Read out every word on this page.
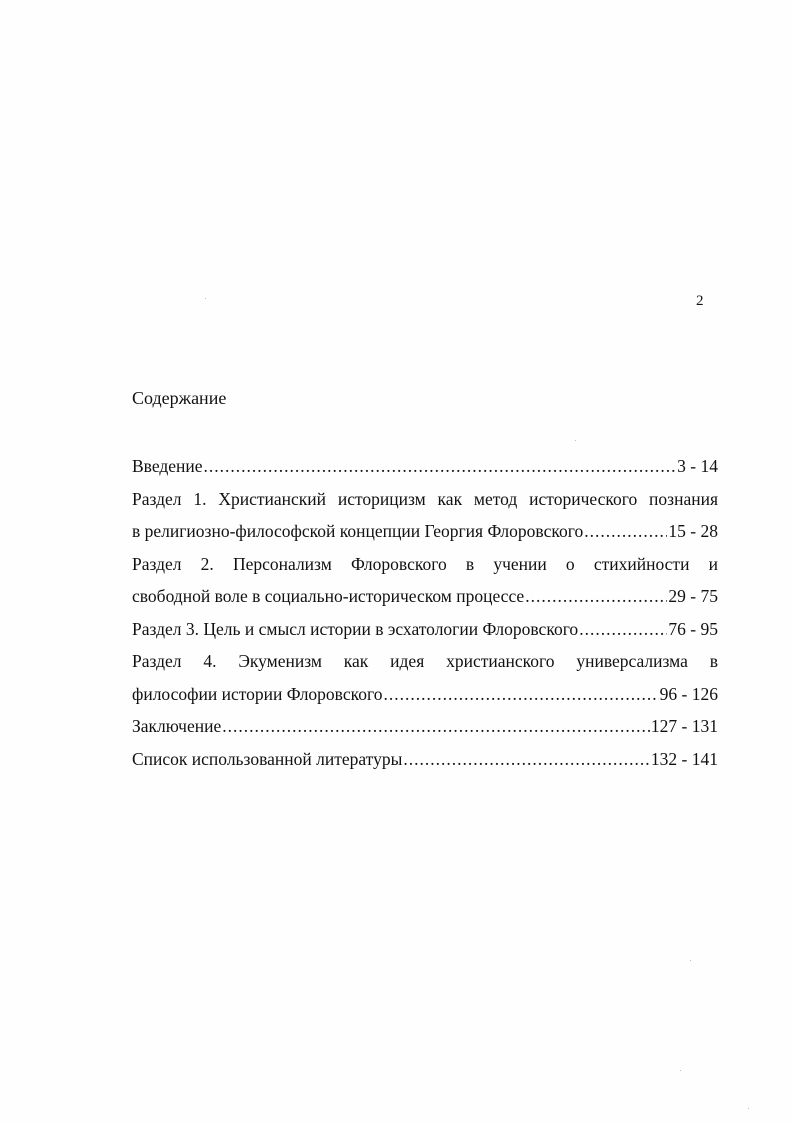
2
Содержание
Введение .....	3 - 14
Раздел 1. Христианский историцизм как метод исторического познания
в религиозно-философской концепции Георгия Флоровского .....	15 - 28
Раздел 2. Персонализм Флоровского в учении о стихийности и
свободной воле в социально-историческом процессе .....	29 - 75
Раздел 3. Цель и смысл истории в эсхатологии Флоровского .....	76 - 95
Раздел 4. Экуменизм как идея христианского универсализма в
философии истории Флоровского .....	96 - 126
Заключение .....	127 - 131
Список использованной литературы .....	132 - 141
